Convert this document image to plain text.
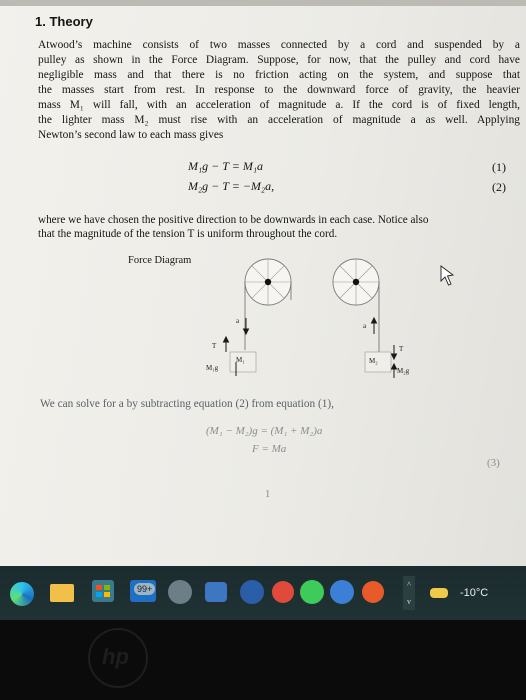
1. Theory
Atwood’s machine consists of two masses connected by a cord and suspended by a
pulley as shown in the Force Diagram. Suppose, for now, that the pulley and cord have
negligible mass and that there is no friction acting on the system, and suppose that
the masses start from rest. In response to the downward force of gravity, the heavier
mass M₁ will fall, with an acceleration of magnitude a. If the cord is of fixed length,
the lighter mass M₂ must rise with an acceleration of magnitude a as well. Applying
Newton’s second law to each mass gives
M₁g − T = M₁a	(1)
M₂g − T = −M₂a,	(2)
where we have chosen the positive direction to be downwards in each case. Notice also
that the magnitude of the tension T is uniform throughout the cord.
Force Diagram
a
a
T	T
M₁	M₂
M₁g	M₂g
We can solve for a by subtracting equation (2) from equation (1),
(M₁ − M₂)g = (M₁ + M₂)a
F = Ma
(3)
1
99+	^
v
-10°C
hp
